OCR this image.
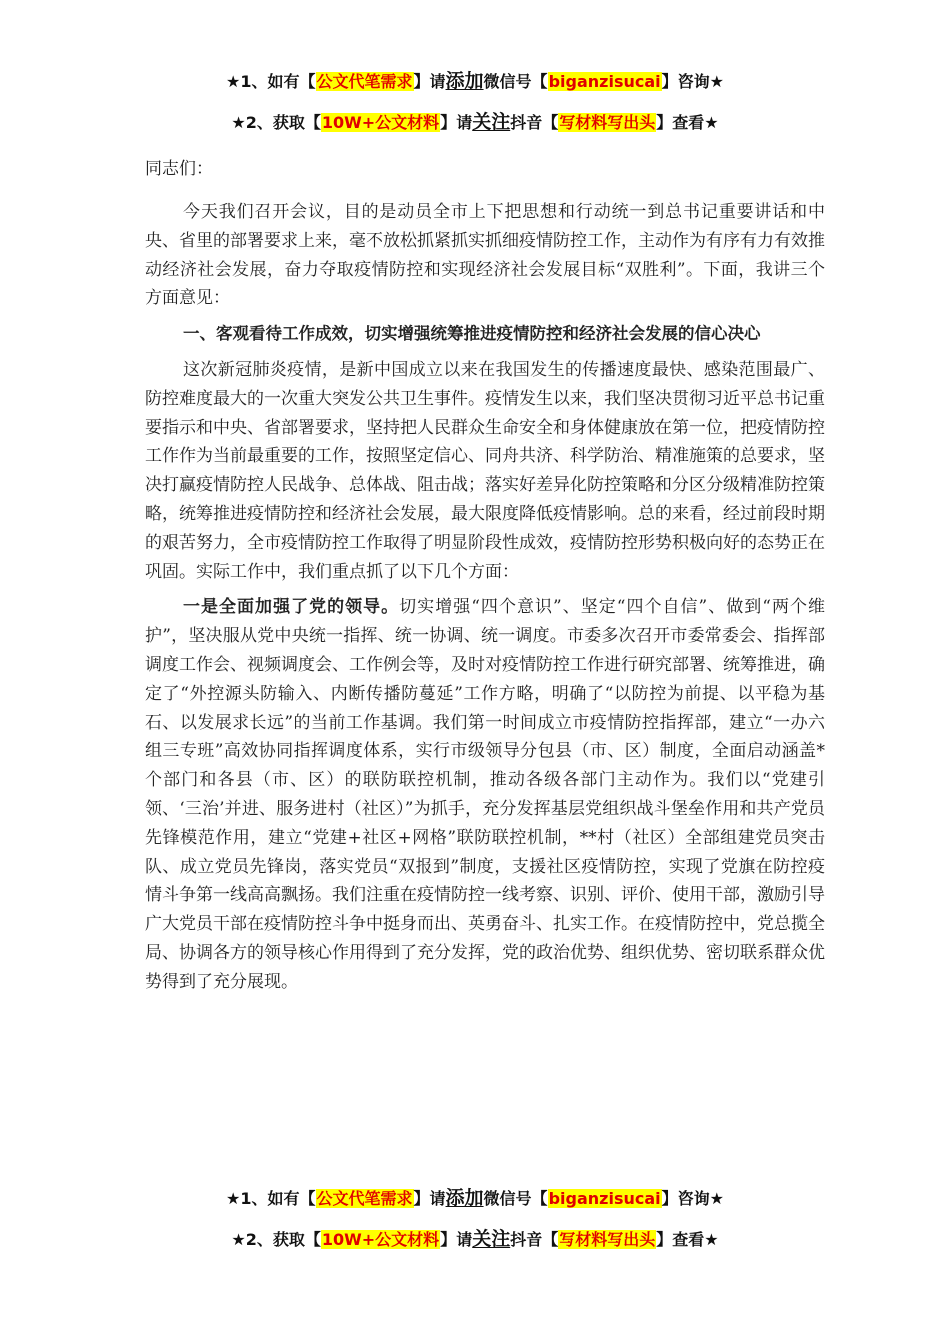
★1、如有【公文代笔需求】请添加微信号【biganzisucai】咨询★
★2、获取【10W+公文材料】请关注抖音【写材料写出头】查看★

同志们：

今天我们召开会议，目的是动员全市上下把思想和行动统一到总书记重要讲话和中央、省里的部署要求上来，毫不放松抓紧抓实抓细疫情防控工作，主动作为有序有力有效推动经济社会发展，奋力夺取疫情防控和实现经济社会发展目标“双胜利”。下面，我讲三个方面意见：

一、客观看待工作成效，切实增强统筹推进疫情防控和经济社会发展的信心决心

这次新冠肺炎疫情，是新中国成立以来在我国发生的传播速度最快、感染范围最广、防控难度最大的一次重大突发公共卫生事件。疫情发生以来，我们坚决贯彻习近平总书记重要指示和中央、省部署要求，坚持把人民群众生命安全和身体健康放在第一位，把疫情防控工作作为当前最重要的工作，按照坚定信心、同舟共济、科学防治、精准施策的总要求，坚决打赢疫情防控人民战争、总体战、阻击战；落实好差异化防控策略和分区分级精准防控策略，统筹推进疫情防控和经济社会发展，最大限度降低疫情影响。总的来看，经过前段时期的艰苦努力，全市疫情防控工作取得了明显阶段性成效，疫情防控形势积极向好的态势正在巩固。实际工作中，我们重点抓了以下几个方面：

一是全面加强了党的领导。切实增强“四个意识”、坚定“四个自信”、做到“两个维护”，坚决服从党中央统一指挥、统一协调、统一调度。市委多次召开市委常委会、指挥部调度工作会、视频调度会、工作例会等，及时对疫情防控工作进行研究部署、统筹推进，确定了“外控源头防输入、内断传播防蔓延”工作方略，明确了“以防控为前提、以平稳为基石、以发展求长远”的当前工作基调。我们第一时间成立市疫情防控指挥部，建立“一办六组三专班”高效协同指挥调度体系，实行市级领导分包县（市、区）制度，全面启动涵盖*个部门和各县（市、区）的联防联控机制，推动各级各部门主动作为。我们以“党建引领、‘三治’并进、服务进村（社区）”为抓手，充分发挥基层党组织战斗堡垒作用和共产党员先锋模范作用，建立“党建+社区+网格”联防联控机制，**村（社区）全部组建党员突击队、成立党员先锋岗，落实党员“双报到”制度，支援社区疫情防控，实现了党旗在防控疫情斗争第一线高高飘扬。我们注重在疫情防控一线考察、识别、评价、使用干部，激励引导广大党员干部在疫情防控斗争中挺身而出、英勇奋斗、扎实工作。在疫情防控中，党总揽全局、协调各方的领导核心作用得到了充分发挥，党的政治优势、组织优势、密切联系群众优势得到了充分展现。

★1、如有【公文代笔需求】请添加微信号【biganzisucai】咨询★
★2、获取【10W+公文材料】请关注抖音【写材料写出头】查看★
